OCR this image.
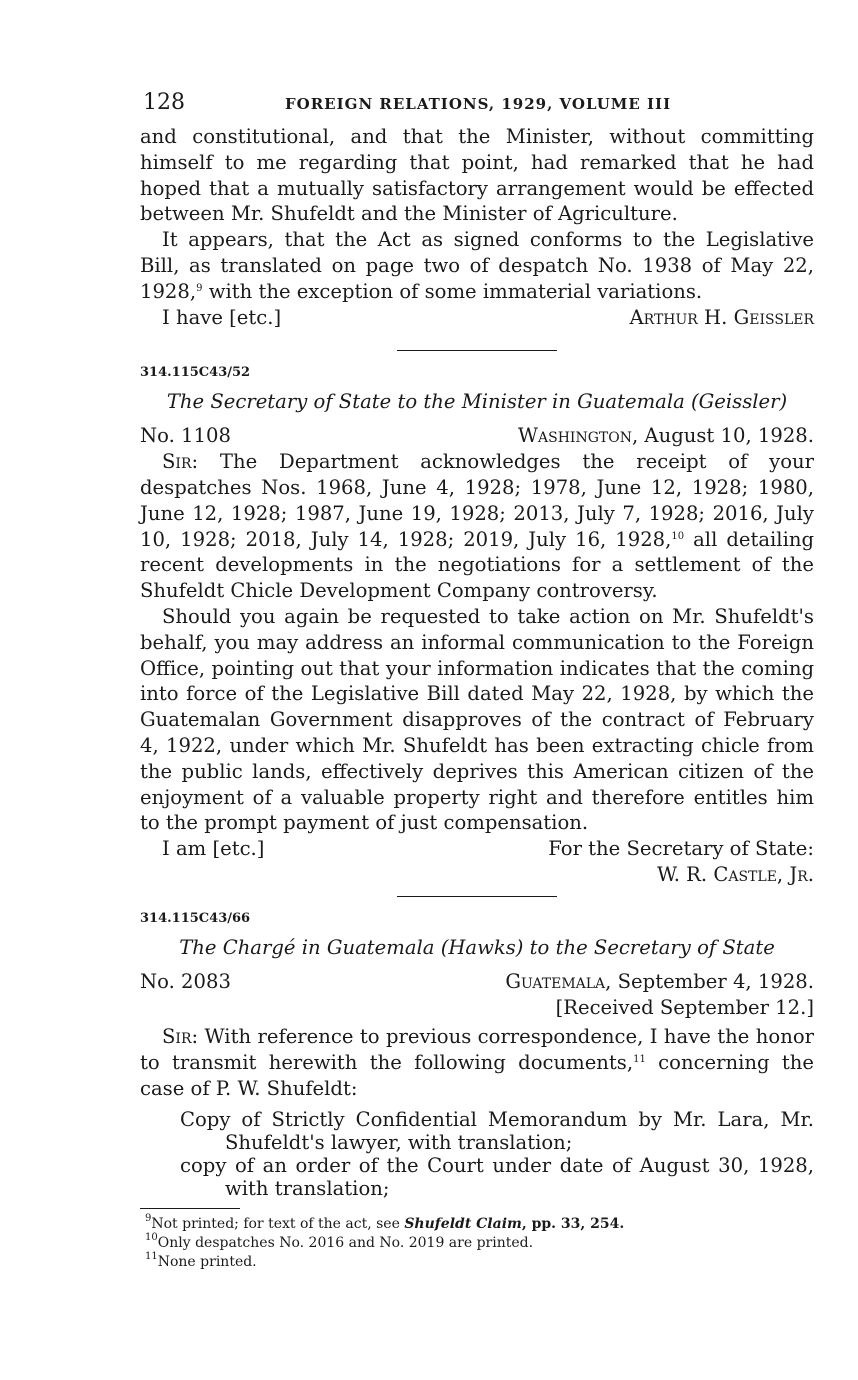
128	FOREIGN RELATIONS, 1929, VOLUME III

and constitutional, and that the Minister, without committing himself to me regarding that point, had remarked that he had hoped that a mutually satisfactory arrangement would be effected between Mr. Shufeldt and the Minister of Agriculture.

It appears, that the Act as signed conforms to the Legislative Bill, as translated on page two of despatch No. 1938 of May 22, 1928,$^9$ with the exception of some immaterial variations.

I have [etc.]	Arthur H. Geissler

314.115C43/52

The Secretary of State to the Minister in Guatemala (Geissler)

No. 1108	Washington, August 10, 1928.

Sir: The Department acknowledges the receipt of your despatches Nos. 1968, June 4, 1928; 1978, June 12, 1928; 1980, June 12, 1928; 1987, June 19, 1928; 2013, July 7, 1928; 2016, July 10, 1928; 2018, July 14, 1928; 2019, July 16, 1928,10 all detailing recent developments in the negotiations for a settlement of the Shufeldt Chicle Development Company controversy.

Should you again be requested to take action on Mr. Shufeldt's behalf, you may address an informal communication to the Foreign Office, pointing out that your information indicates that the coming into force of the Legislative Bill dated May 22, 1928, by which the Guatemalan Government disapproves of the contract of February 4, 1922, under which Mr. Shufeldt has been extracting chicle from the public lands, effectively deprives this American citizen of the enjoyment of a valuable property right and therefore entitles him to the prompt payment of just compensation.

I am [etc.]	For the Secretary of State:

W. R. Castle, Jr.

314.115C43/66

The Chargé in Guatemala (Hawks) to the Secretary of State

No. 2083	Guatemala, September 4, 1928.

[Received September 12.]

Sir: With reference to previous correspondence, I have the honor to transmit herewith the following documents,$^{11}$ concerning the case of P. W. Shufeldt:

Copy of Strictly Confidential Memorandum by Mr. Lara, Mr. Shufeldt's lawyer, with translation;

copy of an order of the Court under date of August 30, 1928, with translation;

$^9$Not printed; for text of the act, see Shufeldt Claim, pp. 33, 254.

$^{10}$Only despatches No. 2016 and No. 2019 are printed.

$^{11}$None printed.
